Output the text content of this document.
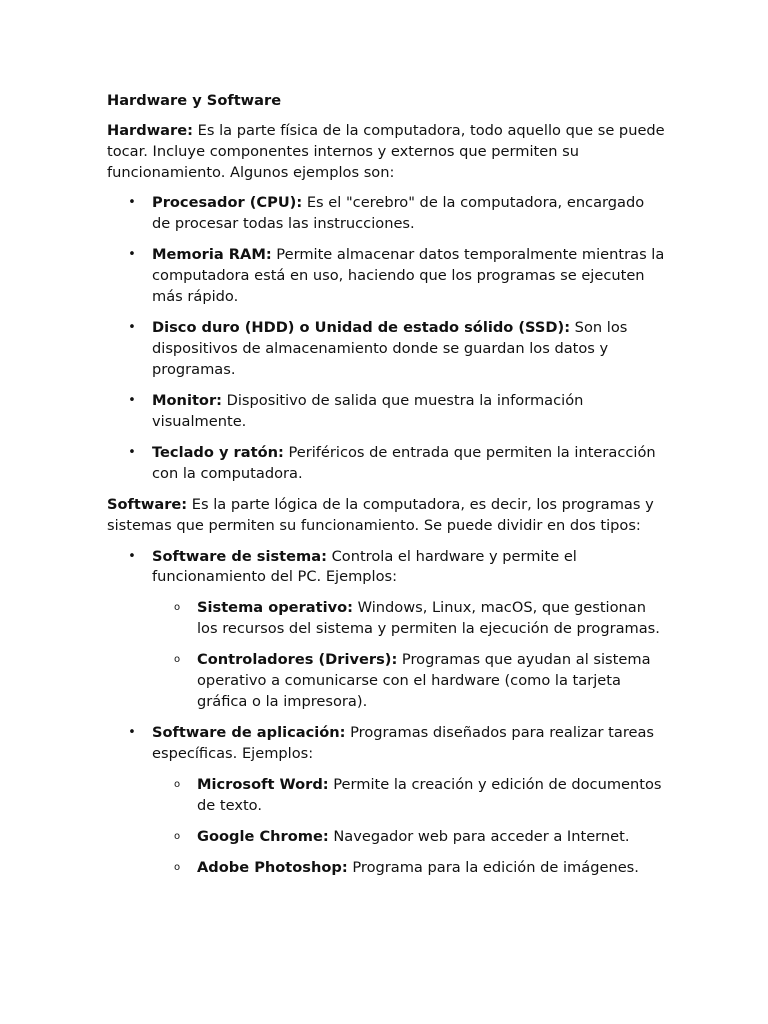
Hardware y Software

Hardware: Es la parte física de la computadora, todo aquello que se puede tocar. Incluye componentes internos y externos que permiten su funcionamiento. Algunos ejemplos son:

• Procesador (CPU): Es el "cerebro" de la computadora, encargado de procesar todas las instrucciones.
• Memoria RAM: Permite almacenar datos temporalmente mientras la computadora está en uso, haciendo que los programas se ejecuten más rápido.
• Disco duro (HDD) o Unidad de estado sólido (SSD): Son los dispositivos de almacenamiento donde se guardan los datos y programas.
• Monitor: Dispositivo de salida que muestra la información visualmente.
• Teclado y ratón: Periféricos de entrada que permiten la interacción con la computadora.

Software: Es la parte lógica de la computadora, es decir, los programas y sistemas que permiten su funcionamiento. Se puede dividir en dos tipos:

• Software de sistema: Controla el hardware y permite el funcionamiento del PC. Ejemplos:
o Sistema operativo: Windows, Linux, macOS, que gestionan los recursos del sistema y permiten la ejecución de programas.
o Controladores (Drivers): Programas que ayudan al sistema operativo a comunicarse con el hardware (como la tarjeta gráfica o la impresora).
• Software de aplicación: Programas diseñados para realizar tareas específicas. Ejemplos:
o Microsoft Word: Permite la creación y edición de documentos de texto.
o Google Chrome: Navegador web para acceder a Internet.
o Adobe Photoshop: Programa para la edición de imágenes.
